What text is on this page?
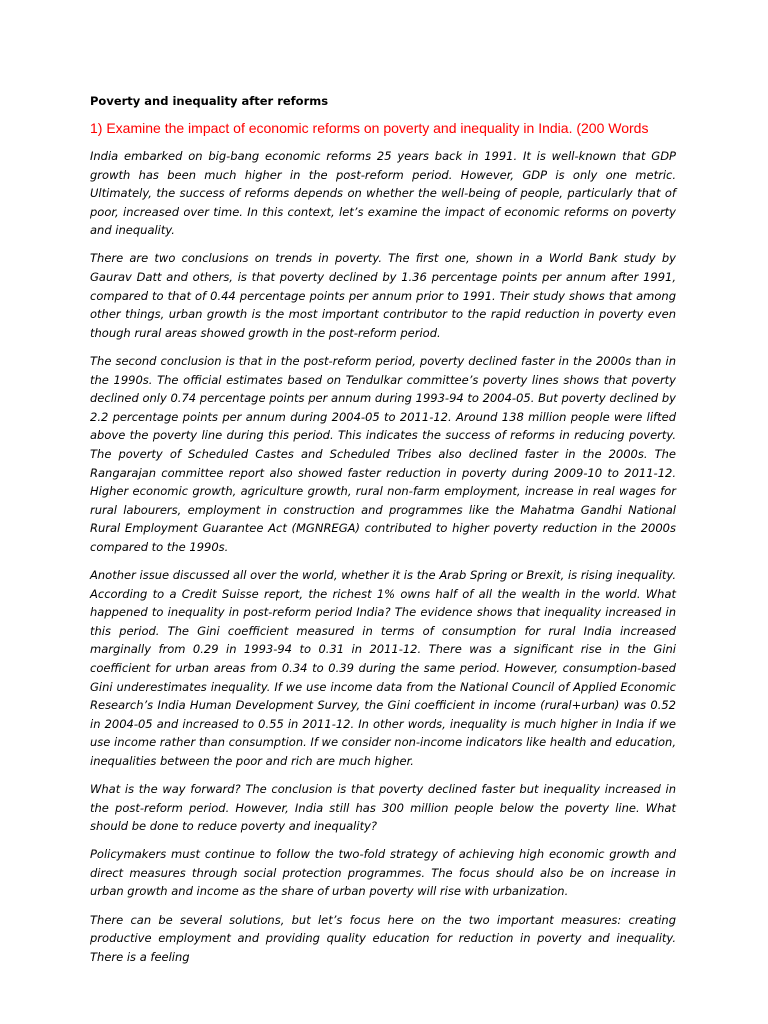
Poverty and inequality after reforms
1) Examine the impact of economic reforms on poverty and inequality in India. (200 Words

India embarked on big-bang economic reforms 25 years back in 1991. It is well-known that GDP growth has been much higher in the post-reform period. However, GDP is only one metric. Ultimately, the success of reforms depends on whether the well-being of people, particularly that of poor, increased over time. In this context, let’s examine the impact of economic reforms on poverty and inequality.

There are two conclusions on trends in poverty. The first one, shown in a World Bank study by Gaurav Datt and others, is that poverty declined by 1.36 percentage points per annum after 1991, compared to that of 0.44 percentage points per annum prior to 1991. Their study shows that among other things, urban growth is the most important contributor to the rapid reduction in poverty even though rural areas showed growth in the post-reform period.

The second conclusion is that in the post-reform period, poverty declined faster in the 2000s than in the 1990s. The official estimates based on Tendulkar committee’s poverty lines shows that poverty declined only 0.74 percentage points per annum during 1993-94 to 2004-05. But poverty declined by 2.2 percentage points per annum during 2004-05 to 2011-12. Around 138 million people were lifted above the poverty line during this period. This indicates the success of reforms in reducing poverty. The poverty of Scheduled Castes and Scheduled Tribes also declined faster in the 2000s. The Rangarajan committee report also showed faster reduction in poverty during 2009-10 to 2011-12. Higher economic growth, agriculture growth, rural non-farm employment, increase in real wages for rural labourers, employment in construction and programmes like the Mahatma Gandhi National Rural Employment Guarantee Act (MGNREGA) contributed to higher poverty reduction in the 2000s compared to the 1990s.

Another issue discussed all over the world, whether it is the Arab Spring or Brexit, is rising inequality. According to a Credit Suisse report, the richest 1% owns half of all the wealth in the world. What happened to inequality in post-reform period India? The evidence shows that inequality increased in this period. The Gini coefficient measured in terms of consumption for rural India increased marginally from 0.29 in 1993-94 to 0.31 in 2011-12. There was a significant rise in the Gini coefficient for urban areas from 0.34 to 0.39 during the same period. However, consumption-based Gini underestimates inequality. If we use income data from the National Council of Applied Economic Research’s India Human Development Survey, the Gini coefficient in income (rural+urban) was 0.52 in 2004-05 and increased to 0.55 in 2011-12. In other words, inequality is much higher in India if we use income rather than consumption. If we consider non-income indicators like health and education, inequalities between the poor and rich are much higher.

What is the way forward? The conclusion is that poverty declined faster but inequality increased in the post-reform period. However, India still has 300 million people below the poverty line. What should be done to reduce poverty and inequality?

Policymakers must continue to follow the two-fold strategy of achieving high economic growth and direct measures through social protection programmes. The focus should also be on increase in urban growth and income as the share of urban poverty will rise with urbanization.

There can be several solutions, but let’s focus here on the two important measures: creating productive employment and providing quality education for reduction in poverty and inequality. There is a feeling
